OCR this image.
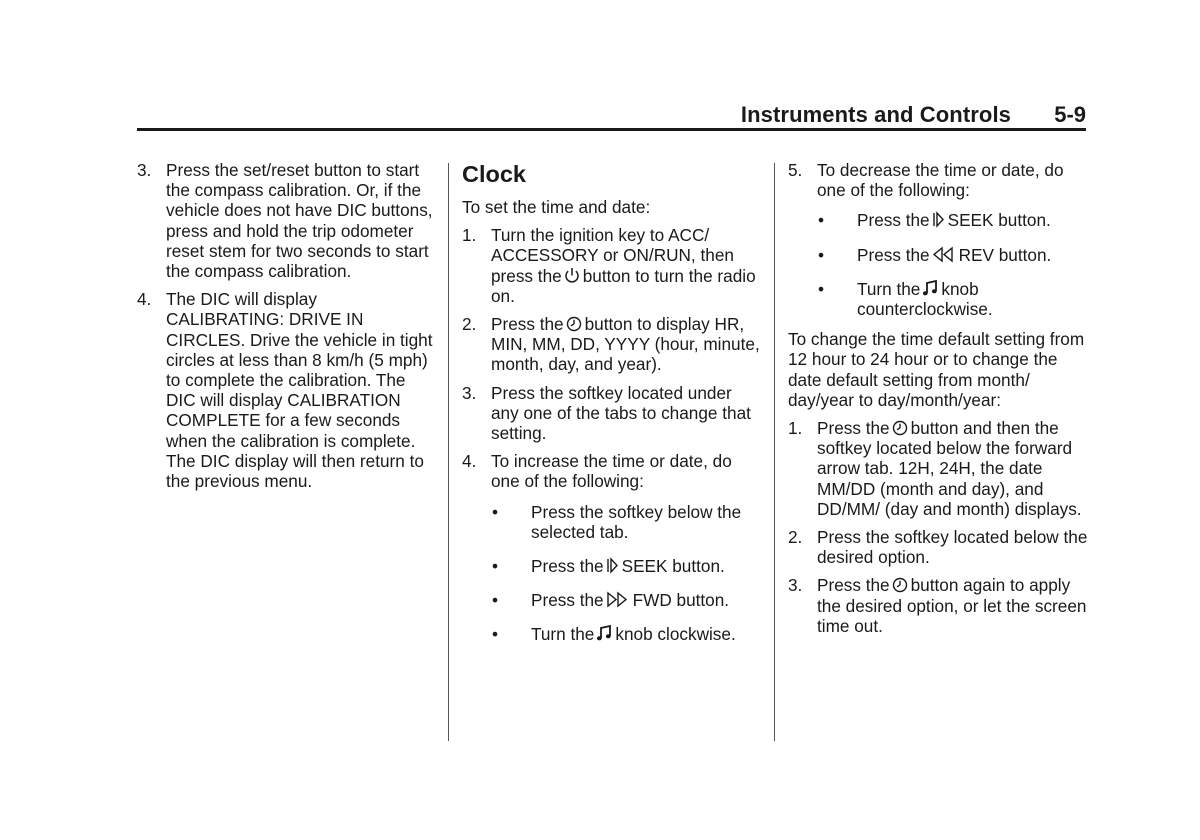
Instruments and Controls 5-9
3. Press the set/reset button to start the compass calibration. Or, if the vehicle does not have DIC buttons, press and hold the trip odometer reset stem for two seconds to start the compass calibration.
4. The DIC will display CALIBRATING: DRIVE IN CIRCLES. Drive the vehicle in tight circles at less than 8 km/h (5 mph) to complete the calibration. The DIC will display CALIBRATION COMPLETE for a few seconds when the calibration is complete. The DIC display will then return to the previous menu.
Clock
To set the time and date:
1. Turn the ignition key to ACC/ ACCESSORY or ON/RUN, then press the button to turn the radio on.
2. Press the button to display HR, MIN, MM, DD, YYYY (hour, minute, month, day, and year).
3. Press the softkey located under any one of the tabs to change that setting.
4. To increase the time or date, do one of the following:
• Press the softkey below the selected tab.
• Press the SEEK button.
• Press the FWD button.
• Turn the knob clockwise.
5. To decrease the time or date, do one of the following:
• Press the SEEK button.
• Press the REV button.
• Turn the knob counterclockwise.
To change the time default setting from 12 hour to 24 hour or to change the date default setting from month/ day/year to day/month/year:
1. Press the button and then the softkey located below the forward arrow tab. 12H, 24H, the date MM/DD (month and day), and DD/MM/ (day and month) displays.
2. Press the softkey located below the desired option.
3. Press the button again to apply the desired option, or let the screen time out.
